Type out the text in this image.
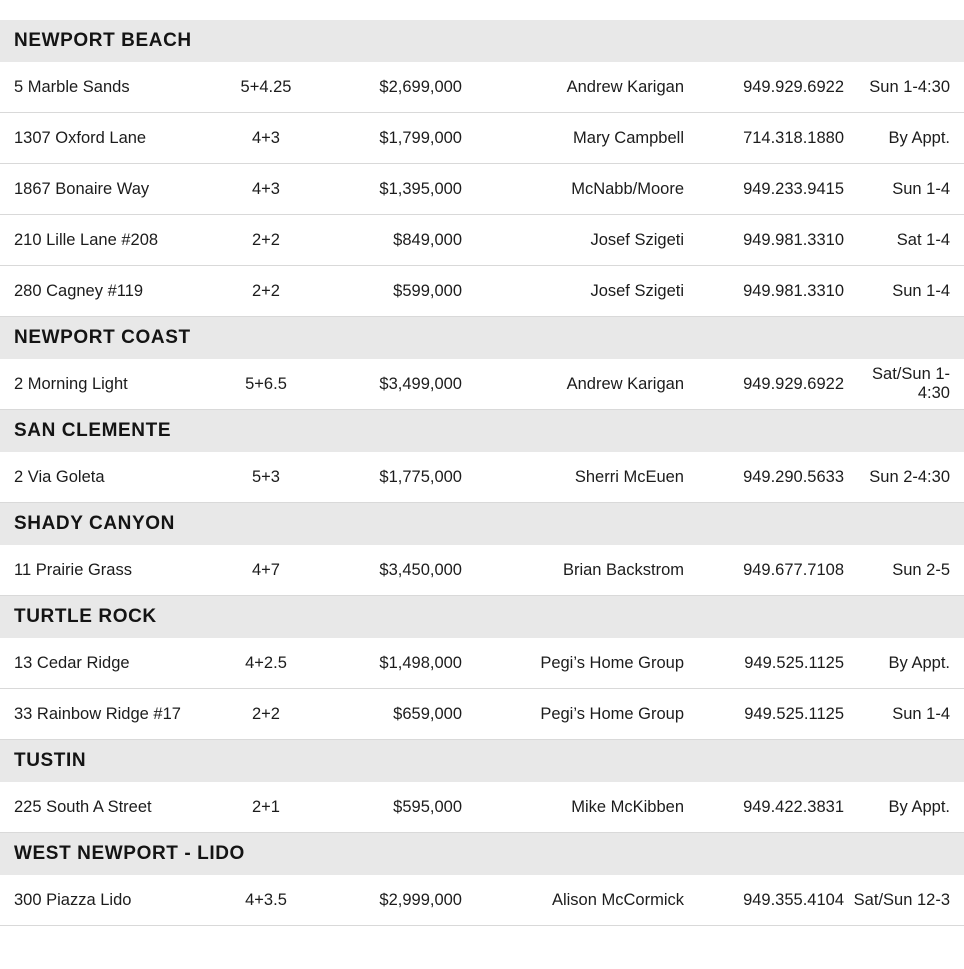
NEWPORT BEACH
5 Marble Sands	5+4.25	$2,699,000	Andrew Karigan	949.929.6922	Sun 1-4:30
1307 Oxford Lane	4+3	$1,799,000	Mary Campbell	714.318.1880	By Appt.
1867 Bonaire Way	4+3	$1,395,000	McNabb/Moore	949.233.9415	Sun 1-4
210 Lille Lane #208	2+2	$849,000	Josef Szigeti	949.981.3310	Sat 1-4
280 Cagney #119	2+2	$599,000	Josef Szigeti	949.981.3310	Sun 1-4
NEWPORT COAST
2 Morning Light	5+6.5	$3,499,000	Andrew Karigan	949.929.6922	Sat/Sun 1-4:30
SAN CLEMENTE
2 Via Goleta	5+3	$1,775,000	Sherri McEuen	949.290.5633	Sun 2-4:30
SHADY CANYON
11 Prairie Grass	4+7	$3,450,000	Brian Backstrom	949.677.7108	Sun 2-5
TURTLE ROCK
13 Cedar Ridge	4+2.5	$1,498,000	Pegi’s Home Group	949.525.1125	By Appt.
33 Rainbow Ridge #17	2+2	$659,000	Pegi’s Home Group	949.525.1125	Sun 1-4
TUSTIN
225 South A Street	2+1	$595,000	Mike McKibben	949.422.3831	By Appt.
WEST NEWPORT - LIDO
300 Piazza Lido	4+3.5	$2,999,000	Alison McCormick	949.355.4104	Sat/Sun 12-3
